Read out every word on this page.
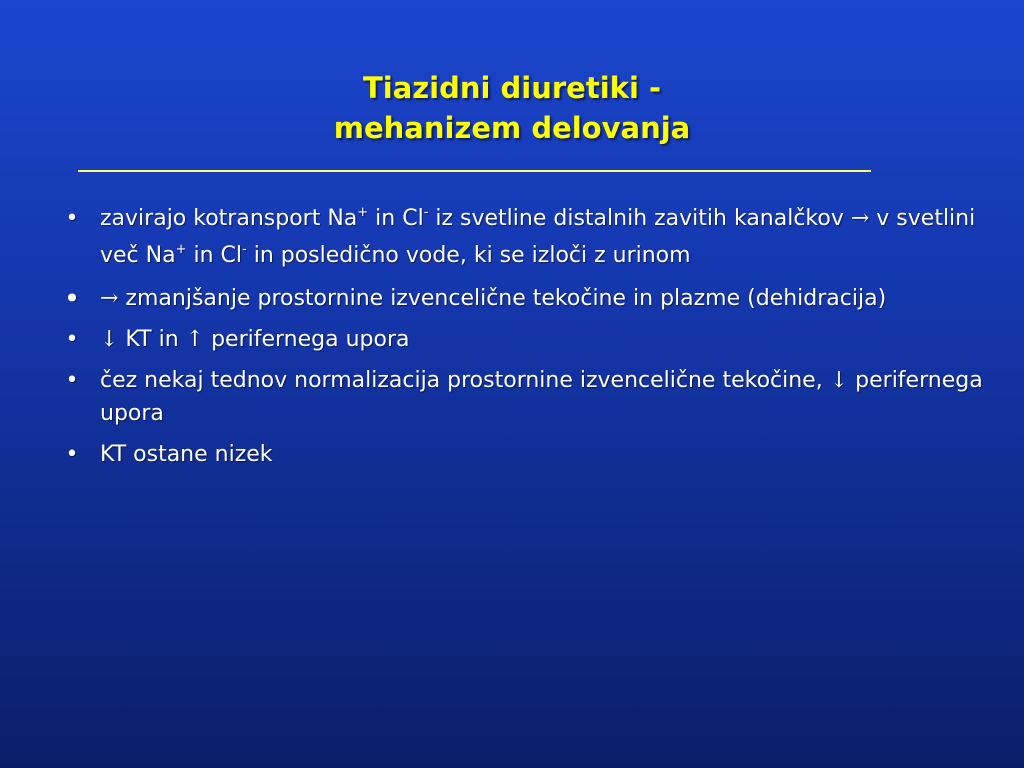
Tiazidni diuretiki -
mehanizem delovanja
• zavirajo kotransport Na+ in Cl- iz svetline distalnih zavitih kanalčkov → v svetlini več Na+ in Cl- in posledično vode, ki se izloči z urinom
• → zmanjšanje prostornine izvencelične tekočine in plazme (dehidracija)
• ↓ KT in ↑ perifernega upora
• čez nekaj tednov normalizacija prostornine izvencelične tekočine, ↓ perifernega upora
• KT ostane nizek
